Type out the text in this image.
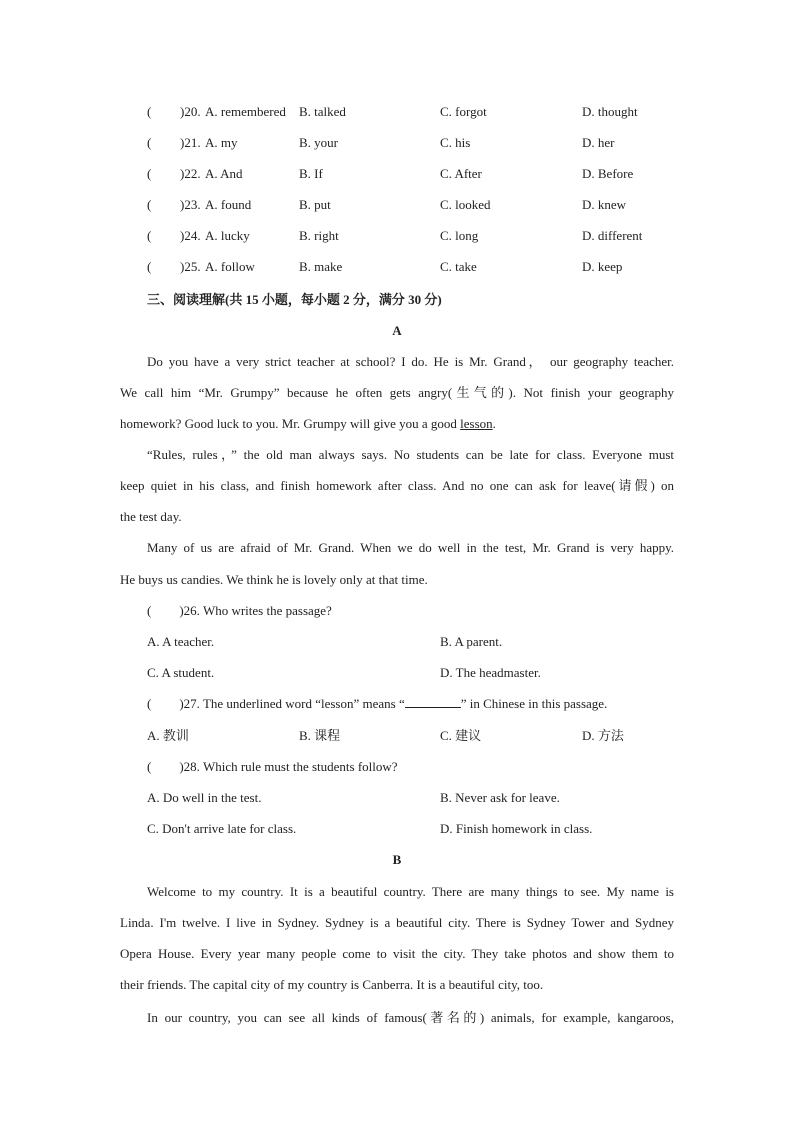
( )20. A. remembered B. talked	C. forgot	D. thought
( )21. A. my	B. your	C. his	D. her
( )22. A. And	B. If	C. After	D. Before
( )23. A. found	B. put	C. looked	D. knew
( )24. A. lucky	B. right	C. long	D. different
( )25. A. follow	B. make	C. take	D. keep
三、阅读理解(共 15 小题，每小题 2 分，满分 30 分)
A
Do you have a very strict teacher at school? I do. He is Mr. Grand， our geography teacher.
We call him “Mr. Grumpy” because he often gets angry(生气的). Not finish your geography
homework? Good luck to you. Mr. Grumpy will give you a good lesson.
“Rules, rules，” the old man always says. No students can be late for class. Everyone must
keep quiet in his class, and finish homework after class. And no one can ask for leave(请假) on
the test day.
Many of us are afraid of Mr. Grand. When we do well in the test, Mr. Grand is very happy.
He buys us candies. We think he is lovely only at that time.
( )26. Who writes the passage?
A. A teacher.	B. A parent.
C. A student.	D. The headmaster.
( )27. The underlined word “lesson” means “	” in Chinese in this passage.
A. 教训	B. 课程	C. 建议	D. 方法
( )28. Which rule must the students follow?
A. Do well in the test.	B. Never ask for leave.
C. Don't arrive late for class.	D. Finish homework in class.
B
Welcome to my country. It is a beautiful country. There are many things to see. My name is
Linda. I'm twelve. I live in Sydney. Sydney is a beautiful city. There is Sydney Tower and Sydney
Opera House. Every year many people come to visit the city. They take photos and show them to
their friends. The capital city of my country is Canberra. It is a beautiful city, too.
In our country, you can see all kinds of famous(著名的) animals, for example, kangaroos,
